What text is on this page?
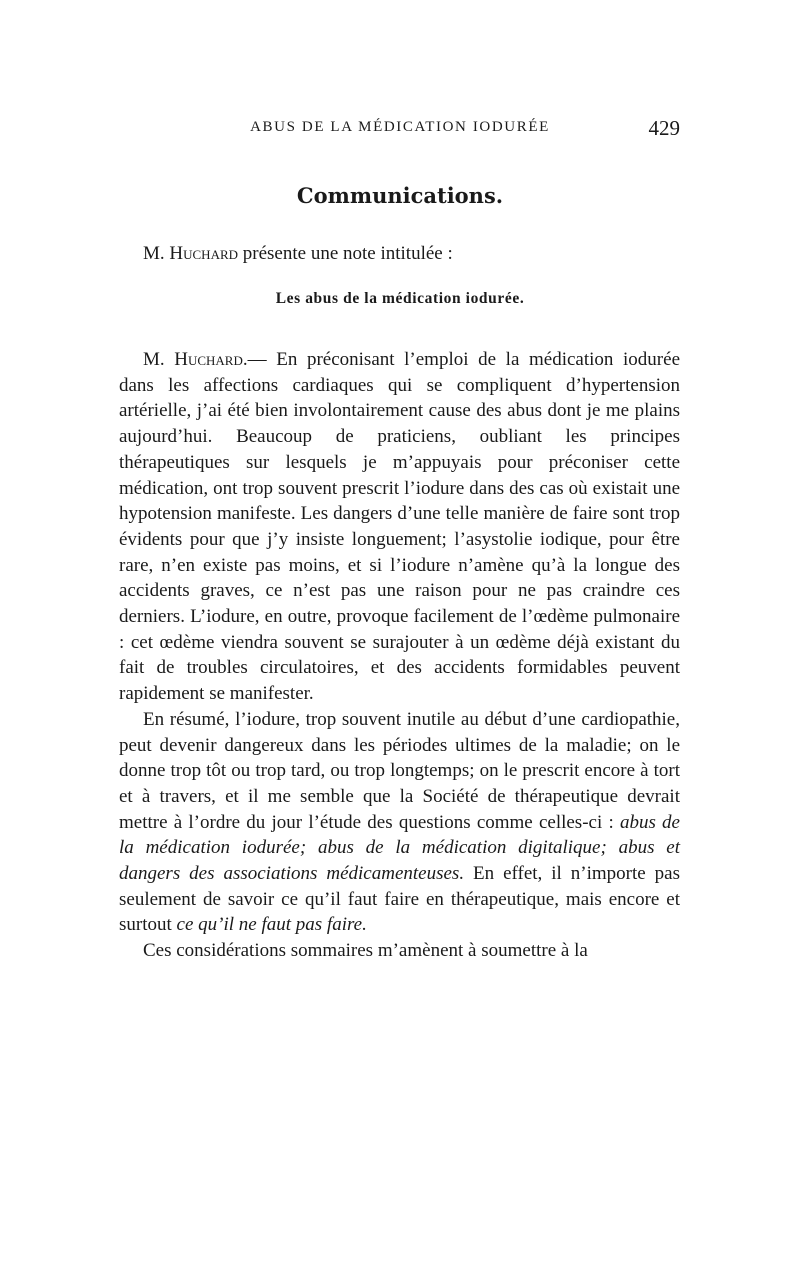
ABUS DE LA MÉDICATION IODURÉE	429
Communications.
M. Huchard présente une note intitulée :
Les abus de la médication iodurée.

M. Huchard.— En préconisant l’emploi de la médication iodurée dans les affections cardiaques qui se compliquent d’hypertension artérielle, j’ai été bien involontairement cause des abus dont je me plains aujourd’hui. Beaucoup de praticiens, oubliant les principes thérapeutiques sur lesquels je m’appuyais pour préconiser cette médication, ont trop souvent prescrit l’iodure dans des cas où existait une hypotension manifeste. Les dangers d’une telle manière de faire sont trop évidents pour que j’y insiste longuement; l’asystolie iodique, pour être rare, n’en existe pas moins, et si l’iodure n’amène qu’à la longue des accidents graves, ce n’est pas une raison pour ne pas craindre ces derniers. L’iodure, en outre, provoque facilement de l’œdème pulmonaire : cet œdème viendra souvent se surajouter à un œdème déjà existant du fait de troubles circulatoires, et des accidents formidables peuvent rapidement se manifester.

En résumé, l’iodure, trop souvent inutile au début d’une cardiopathie, peut devenir dangereux dans les périodes ultimes de la maladie; on le donne trop tôt ou trop tard, ou trop longtemps; on le prescrit encore à tort et à travers, et il me semble que la Société de thérapeutique devrait mettre à l’ordre du jour l’étude des questions comme celles-ci : abus de la médication iodurée; abus de la médication digitalique; abus et dangers des associations médicamenteuses. En effet, il n’importe pas seulement de savoir ce qu’il faut faire en thérapeutique, mais encore et surtout ce qu’il ne faut pas faire.

Ces considérations sommaires m’amènent à soumettre à la
